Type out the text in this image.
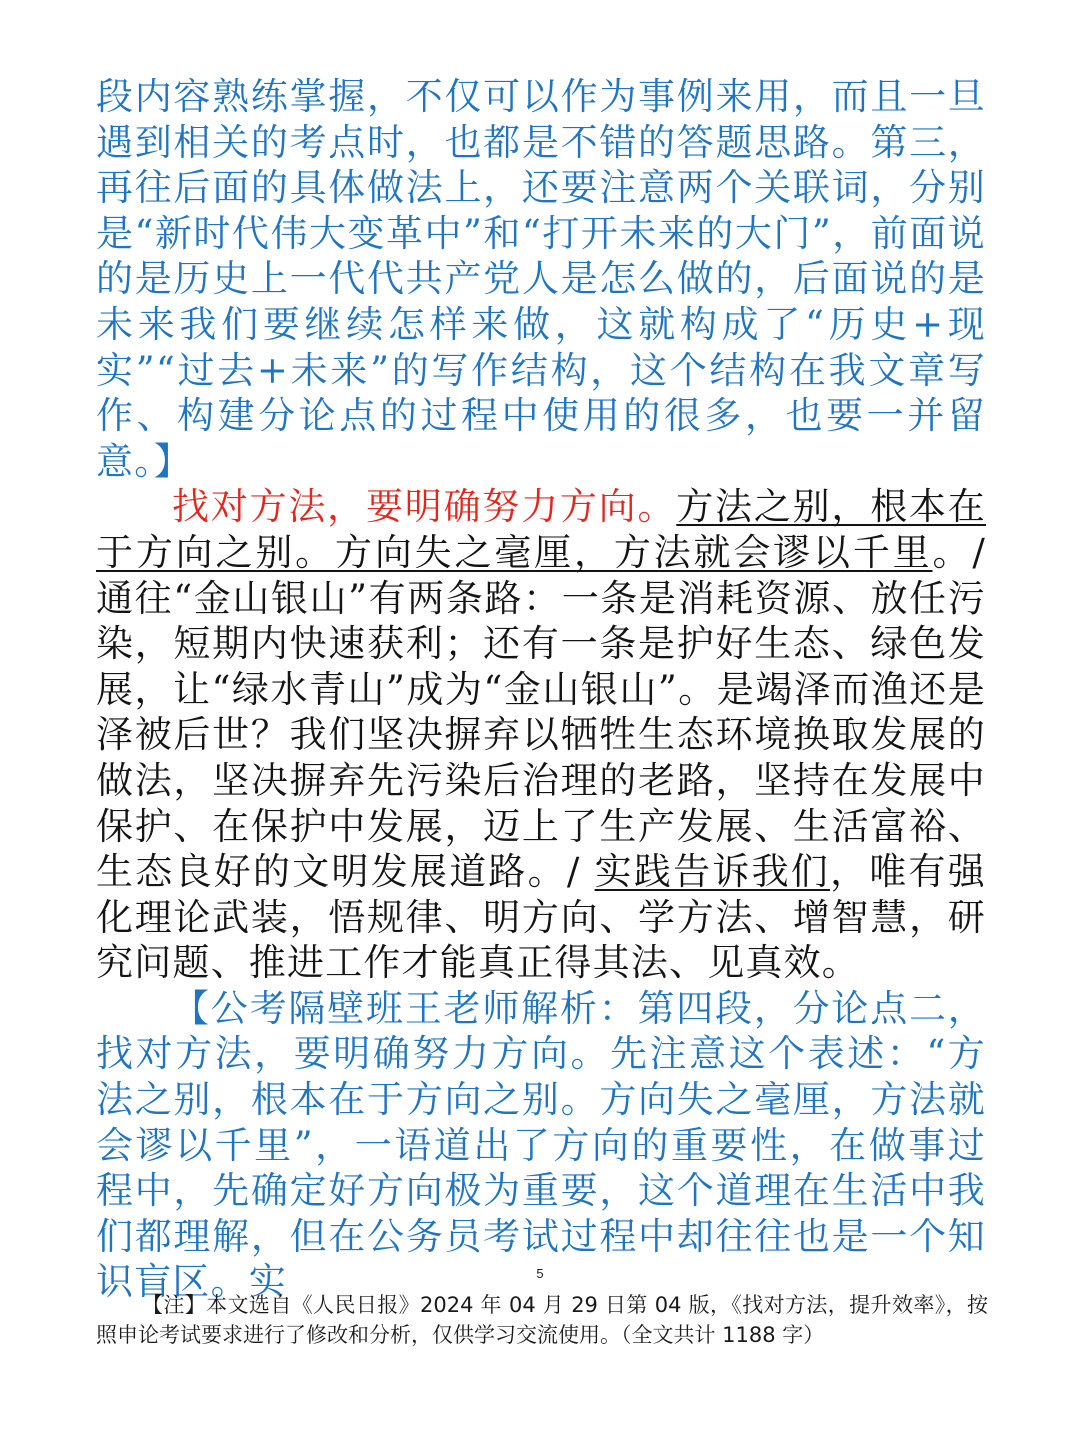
段内容熟练掌握，不仅可以作为事例来用，而且一旦遇到相关的考点时，也都是不错的答题思路。第三，再往后面的具体做法上，还要注意两个关联词，分别是“新时代伟大变革中”和“打开未来的大门”，前面说的是历史上一代代共产党人是怎么做的，后面说的是未来我们要继续怎样来做，这就构成了“历史+现实”“过去+未来”的写作结构，这个结构在我文章写作、构建分论点的过程中使用的很多，也要一并留意。】

找对方法，要明确努力方向。方法之别，根本在于方向之别。方向失之毫厘，方法就会谬以千里。/ 通往“金山银山”有两条路：一条是消耗资源、放任污染，短期内快速获利；还有一条是护好生态、绿色发展，让“绿水青山”成为“金山银山”。是竭泽而渔还是泽被后世？我们坚决摒弃以牺牲生态环境换取发展的做法，坚决摒弃先污染后治理的老路，坚持在发展中保护、在保护中发展，迈上了生产发展、生活富裕、生态良好的文明发展道路。/ 实践告诉我们，唯有强化理论武装，悟规律、明方向、学方法、增智慧，研究问题、推进工作才能真正得其法、见真效。

【公考隔壁班王老师解析：第四段，分论点二，找对方法，要明确努力方向。先注意这个表述：“方法之别，根本在于方向之别。方向失之毫厘，方法就会谬以千里”，一语道出了方向的重要性，在做事过程中，先确定好方向极为重要，这个道理在生活中我们都理解，但在公务员考试过程中却往往也是一个知识盲区。实	5

【注】本文选自《人民日报》2024 年 04 月 29 日第 04 版，《找对方法，提升效率》，按照申论考试要求进行了修改和分析，仅供学习交流使用。（全文共计 1188 字）
